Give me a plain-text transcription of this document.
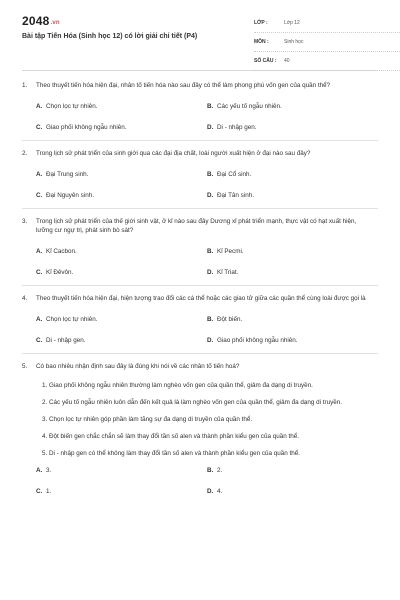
2048.vn
Bài tập Tiến Hóa (Sinh học 12) có lời giải chi tiết (P4)
LỚP :	Lớp 12
MÔN :	Sinh học
SỐ CÂU :	40
1.	Theo thuyết tiến hóa hiện đại, nhân tố tiến hóa nào sau đây có thể làm phong phú vốn gen của quần thể?
A. Chọn lọc tự nhiên.	B. Các yếu tố ngẫu nhiên.
C. Giao phối không ngẫu nhiên.	D. Di - nhập gen.
2.	Trong lịch sử phát triển của sinh giới qua các đại địa chất, loài người xuất hiện ở đại nào sau đây?
A. Đại Trung sinh.	B. Đại Cổ sinh.
C. Đại Nguyên sinh.	D. Đại Tân sinh.
3.	Trong lịch sử phát triển của thế giới sinh vật, ở kỉ nào sau đây Dương xỉ phát triển mạnh, thực vật có hạt xuất hiện, lưỡng cư ngự trị, phát sinh bò sát?
A. Kỉ Cacbon.	B. Kỉ Pecmi.
C. Kỉ Đêvôn.	D. Kỉ Triat.
4.	Theo thuyết tiến hóa hiện đại, hiện tượng trao đổi các cá thể hoặc các giao tử giữa các quần thể cùng loài được gọi là
A. Chọn lọc tự nhiên.	B. Đột biến.
C. Di - nhập gen.	D. Giao phối không ngẫu nhiên.
5.	Có bao nhiêu nhận định sau đây là đúng khi nói về các nhân tố tiến hoá?
1. Giao phối không ngẫu nhiên thường làm nghèo vốn gen của quần thể, giảm đa dạng di truyền.
2. Các yếu tố ngẫu nhiên luôn dẫn đến kết quả là làm nghèo vốn gen của quần thể, giảm đa dạng di truyền.
3. Chọn lọc tự nhiên góp phần làm tăng sự đa dạng di truyền của quần thể.
4. Đột biến gen chắc chắn sẽ làm thay đổi tần số alen và thành phần kiểu gen của quần thể.
5. Di - nhập gen có thể không làm thay đổi tần số alen và thành phần kiểu gen của quần thể.
A. 3.	B. 2.
C. 1.	D. 4.
